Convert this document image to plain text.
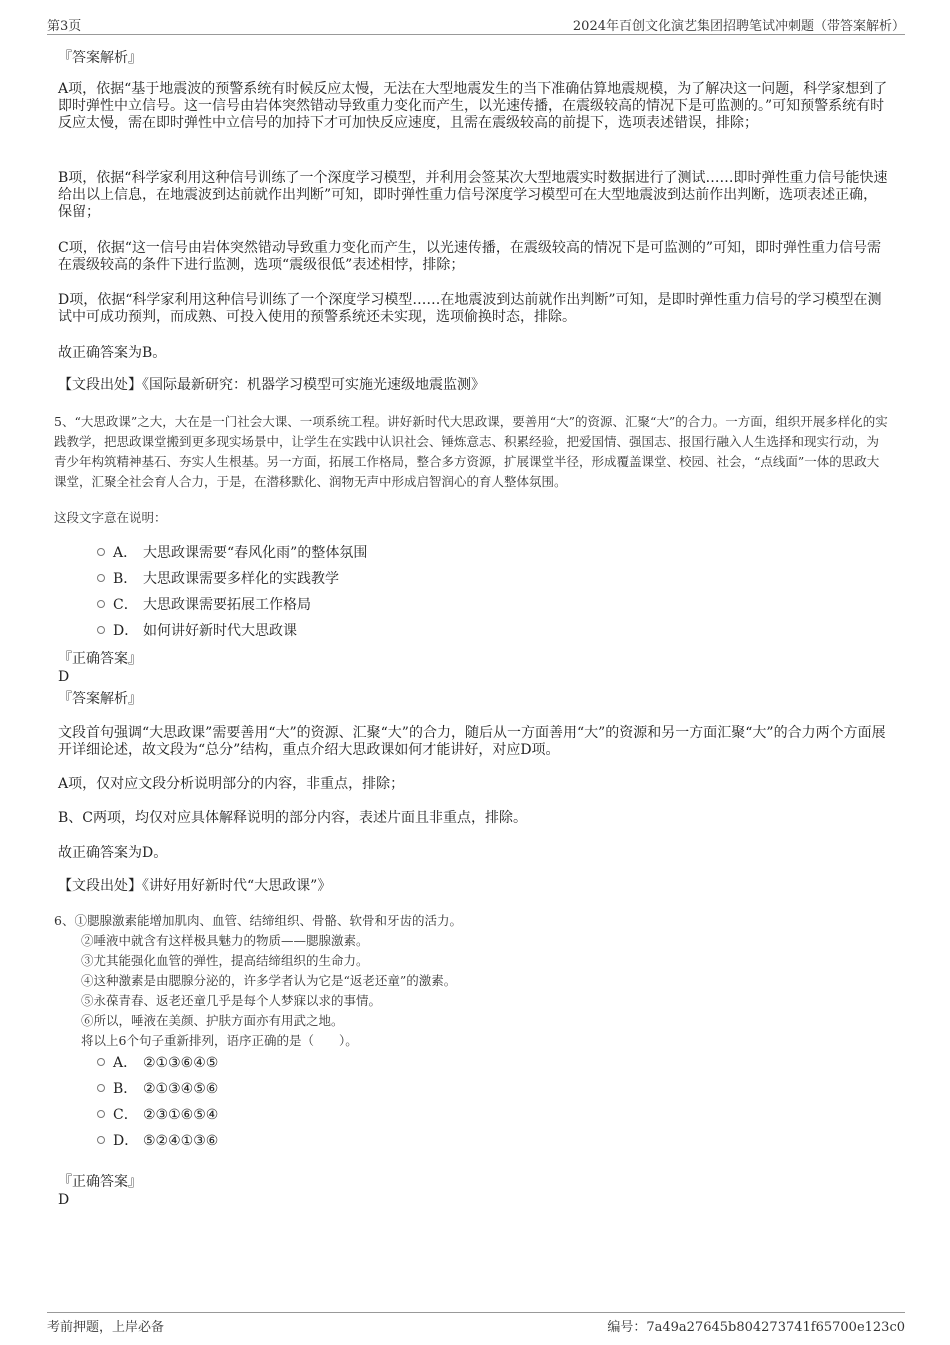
第3页	2024年百创文化演艺集团招聘笔试冲刺题（带答案解析）
『答案解析』
A项，依据“基于地震波的预警系统有时候反应太慢，无法在大型地震发生的当下准确估算地震规模，为了解决这一问题，科学家想到了即时弹性中立信号。这一信号由岩体突然错动导致重力变化而产生，以光速传播，在震级较高的情况下是可监测的。”可知预警系统有时反应太慢，需在即时弹性中立信号的加持下才可加快反应速度，且需在震级较高的前提下，选项表述错误，排除；
B项，依据“科学家利用这种信号训练了一个深度学习模型，并利用会签某次大型地震实时数据进行了测试……即时弹性重力信号能快速给出以上信息，在地震波到达前就作出判断”可知，即时弹性重力信号深度学习模型可在大型地震波到达前作出判断，选项表述正确，保留；
C项，依据“这一信号由岩体突然错动导致重力变化而产生，以光速传播，在震级较高的情况下是可监测的”可知，即时弹性重力信号需在震级较高的条件下进行监测，选项“震级很低”表述相悖，排除；
D项，依据“科学家利用这种信号训练了一个深度学习模型……在地震波到达前就作出判断”可知，是即时弹性重力信号的学习模型在测试中可成功预判，而成熟、可投入使用的预警系统还未实现，选项偷换时态，排除。
故正确答案为B。
【文段出处】《国际最新研究：机器学习模型可实施光速级地震监测》
5、“大思政课”之大，大在是一门社会大课、一项系统工程。讲好新时代大思政课，要善用“大”的资源、汇聚“大”的合力。一方面，组织开展多样化的实践教学，把思政课堂搬到更多现实场景中，让学生在实践中认识社会、锤炼意志、积累经验，把爱国情、强国志、报国行融入人生选择和现实行动，为青少年构筑精神基石、夯实人生根基。另一方面，拓展工作格局，整合多方资源，扩展课堂半径，形成覆盖课堂、校园、社会，“点线面”一体的思政大课堂，汇聚全社会育人合力，于是，在潜移默化、润物无声中形成启智润心的育人整体氛围。
这段文字意在说明：
A． 大思政课需要“春风化雨”的整体氛围
B． 大思政课需要多样化的实践教学
C． 大思政课需要拓展工作格局
D． 如何讲好新时代大思政课
『正确答案』
D
『答案解析』
文段首句强调“大思政课”需要善用“大”的资源、汇聚“大”的合力，随后从一方面善用“大”的资源和另一方面汇聚“大”的合力两个方面展开详细论述，故文段为“总分”结构，重点介绍大思政课如何才能讲好，对应D项。
A项，仅对应文段分析说明部分的内容，非重点，排除；
B、C两项，均仅对应具体解释说明的部分内容，表述片面且非重点，排除。
故正确答案为D。
【文段出处】《讲好用好新时代“大思政课”》
6、①腮腺激素能增加肌肉、血管、结缔组织、骨骼、软骨和牙齿的活力。
②唾液中就含有这样极具魅力的物质——腮腺激素。
③尤其能强化血管的弹性，提高结缔组织的生命力。
④这种激素是由腮腺分泌的，许多学者认为它是“返老还童”的激素。
⑤永葆青春、返老还童几乎是每个人梦寐以求的事情。
⑥所以，唾液在美颜、护肤方面亦有用武之地。
将以上6个句子重新排列，语序正确的是（　　）。
A． ②①③⑥④⑤
B． ②①③④⑤⑥
C． ②③①⑥⑤④
D． ⑤②④①③⑥
『正确答案』
D
考前押题，上岸必备	编号：7a49a27645b804273741f65700e123c0
